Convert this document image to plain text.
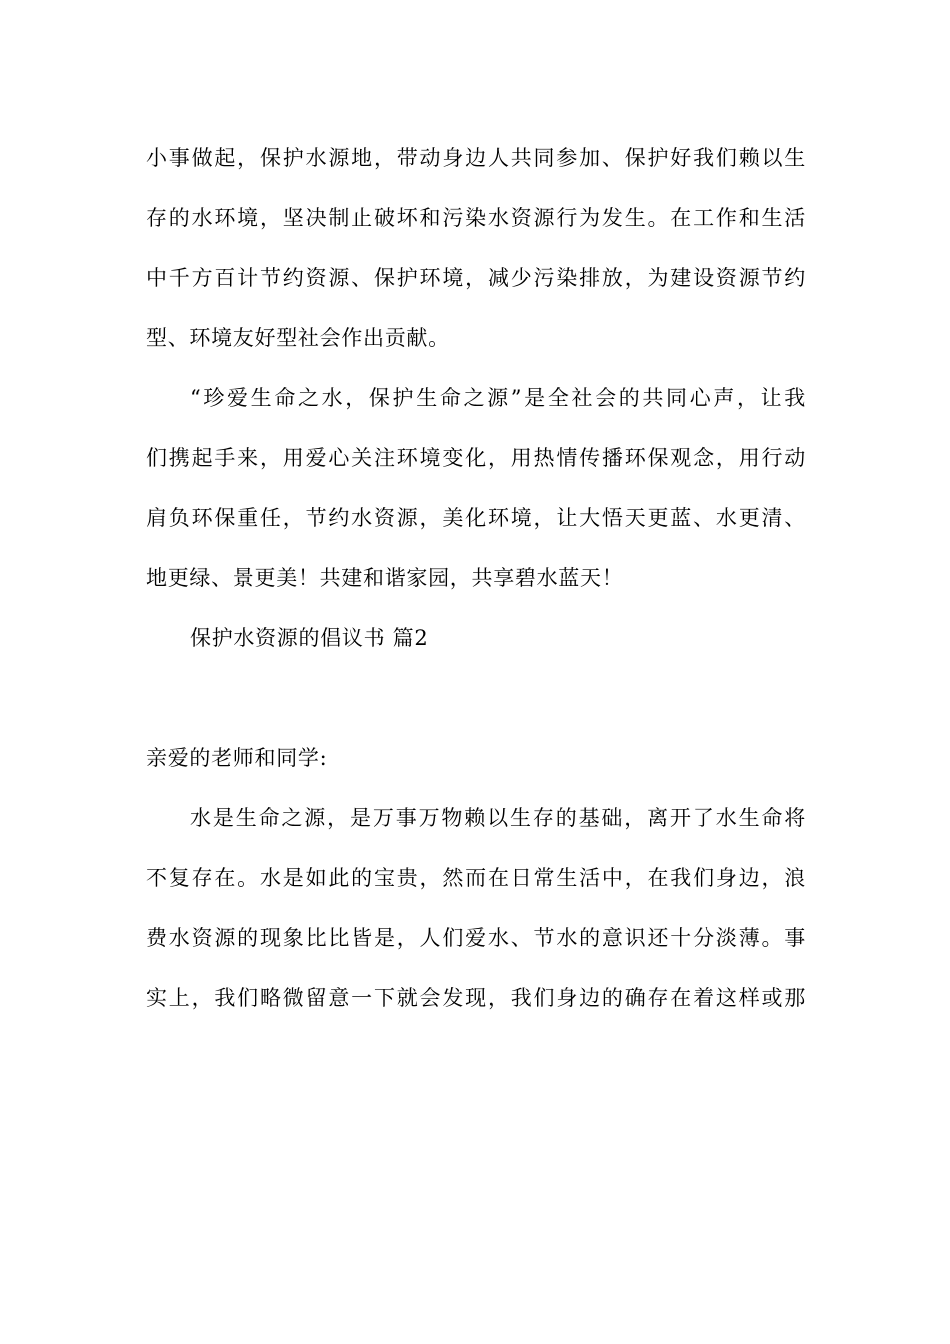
小事做起，保护水源地，带动身边人共同参加、保护好我们赖以生
存的水环境，坚决制止破坏和污染水资源行为发生。在工作和生活
中千方百计节约资源、保护环境，减少污染排放，为建设资源节约
型、环境友好型社会作出贡献。
“珍爱生命之水，保护生命之源”是全社会的共同心声，让我
们携起手来，用爱心关注环境变化，用热情传播环保观念，用行动
肩负环保重任，节约水资源，美化环境，让大悟天更蓝、水更清、
地更绿、景更美！共建和谐家园，共享碧水蓝天！
保护水资源的倡议书 篇2
亲爱的老师和同学:
水是生命之源，是万事万物赖以生存的基础，离开了水生命将
不复存在。水是如此的宝贵，然而在日常生活中，在我们身边，浪
费水资源的现象比比皆是，人们爱水、节水的意识还十分淡薄。事
实上，我们略微留意一下就会发现，我们身边的确存在着这样或那
